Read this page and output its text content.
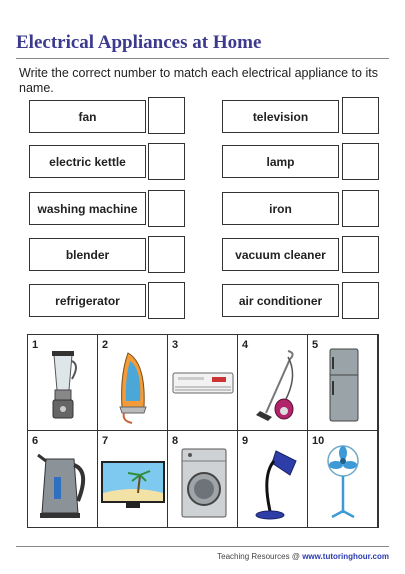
Electrical Appliances at Home
Write the correct number to match each electrical appliance to its name.
fan
electric kettle
washing machine
blender
refrigerator
television
lamp
iron
vacuum cleaner
air conditioner
1	2	3	4	5
6	7	8	9	10
Teaching Resources @ www.tutoringhour.com
